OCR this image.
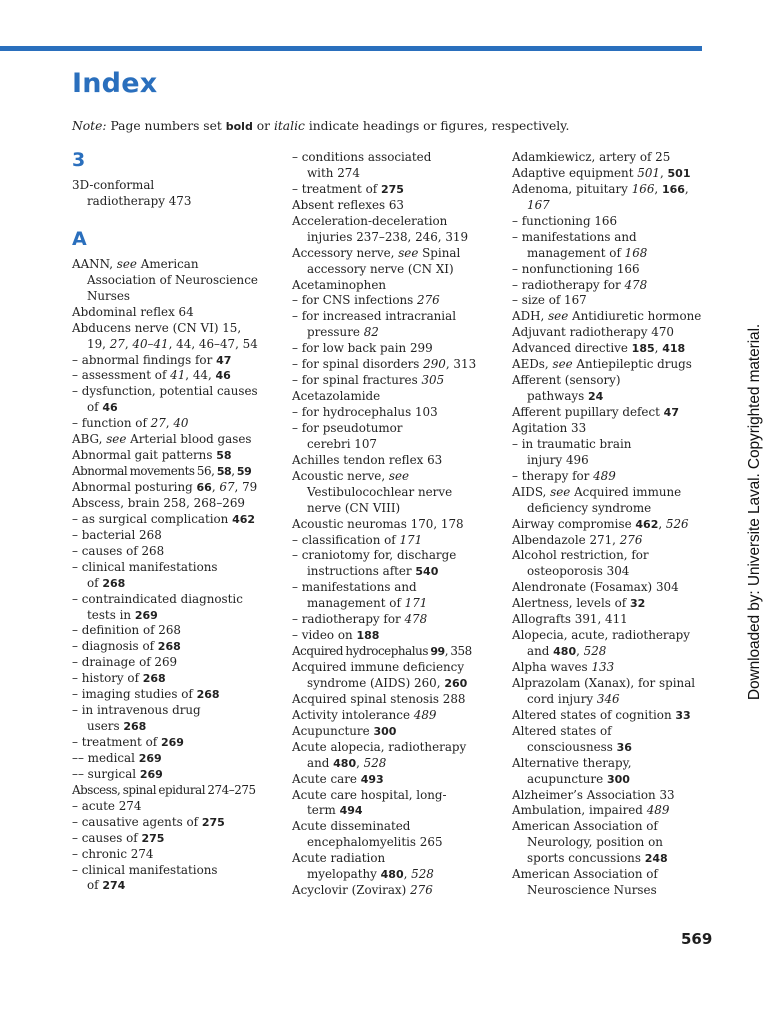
Index
Note: Page numbers set bold or italic indicate headings or figures, respectively.
3
3D-conformal
radiotherapy 473
A
AANN, see American
Association of Neuroscience
Nurses
Abdominal reflex 64
Abducens nerve (CN VI) 15,
19, 27, 40–41, 44, 46–47, 54
– abnormal findings for 47
– assessment of 41, 44, 46
– dysfunction, potential causes
of 46
– function of 27, 40
ABG, see Arterial blood gases
Abnormal gait patterns 58
Abnormal movements 56, 58, 59
Abnormal posturing 66, 67, 79
Abscess, brain 258, 268–269
– as surgical complication 462
– bacterial 268
– causes of 268
– clinical manifestations
of 268
– contraindicated diagnostic
tests in 269
– definition of 268
– diagnosis of 268
– drainage of 269
– history of 268
– imaging studies of 268
– in intravenous drug
users 268
– treatment of 269
–– medical 269
–– surgical 269
Abscess, spinal epidural 274–275
– acute 274
– causative agents of 275
– causes of 275
– chronic 274
– clinical manifestations
of 274
– conditions associated
with 274
– treatment of 275
Absent reflexes 63
Acceleration-deceleration
injuries 237–238, 246, 319
Accessory nerve, see Spinal
accessory nerve (CN XI)
Acetaminophen
– for CNS infections 276
– for increased intracranial
pressure 82
– for low back pain 299
– for spinal disorders 290, 313
– for spinal fractures 305
Acetazolamide
– for hydrocephalus 103
– for pseudotumor
cerebri 107
Achilles tendon reflex 63
Acoustic nerve, see
Vestibulocochlear nerve
nerve (CN VIII)
Acoustic neuromas 170, 178
– classification of 171
– craniotomy for, discharge
instructions after 540
– manifestations and
management of 171
– radiotherapy for 478
– video on 188
Acquired hydrocephalus 99, 358
Acquired immune deficiency
syndrome (AIDS) 260, 260
Acquired spinal stenosis 288
Activity intolerance 489
Acupuncture 300
Acute alopecia, radiotherapy
and 480, 528
Acute care 493
Acute care hospital, long-
term 494
Acute disseminated
encephalomyelitis 265
Acute radiation
myelopathy 480, 528
Acyclovir (Zovirax) 276
Adamkiewicz, artery of 25
Adaptive equipment 501, 501
Adenoma, pituitary 166, 166,
167
– functioning 166
– manifestations and
management of 168
– nonfunctioning 166
– radiotherapy for 478
– size of 167
ADH, see Antidiuretic hormone
Adjuvant radiotherapy 470
Advanced directive 185, 418
AEDs, see Antiepileptic drugs
Afferent (sensory)
pathways 24
Afferent pupillary defect 47
Agitation 33
– in traumatic brain
injury 496
– therapy for 489
AIDS, see Acquired immune
deficiency syndrome
Airway compromise 462, 526
Albendazole 271, 276
Alcohol restriction, for
osteoporosis 304
Alendronate (Fosamax) 304
Alertness, levels of 32
Allografts 391, 411
Alopecia, acute, radiotherapy
and 480, 528
Alpha waves 133
Alprazolam (Xanax), for spinal
cord injury 346
Altered states of cognition 33
Altered states of
consciousness 36
Alternative therapy,
acupuncture 300
Alzheimer’s Association 33
Ambulation, impaired 489
American Association of
Neurology, position on
sports concussions 248
American Association of
Neuroscience Nurses
569
Downloaded by: Universite Laval. Copyrighted material.
